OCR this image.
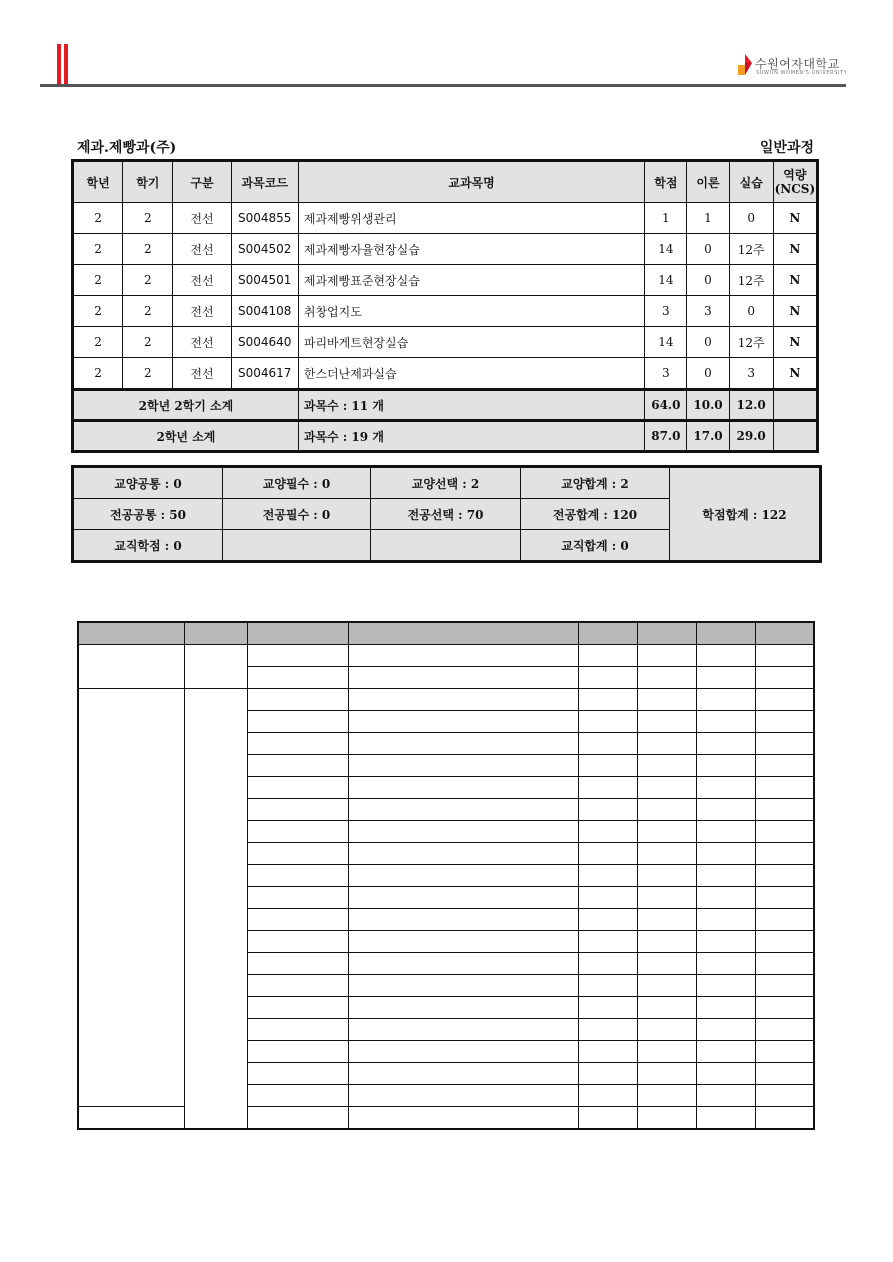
수원여자대학교
SUWON WOMEN'S UNIVERSITY
제과.제빵과(주)	일반과정
학년	학기	구분	과목코드	교과목명	학점	이론	실습	역량
(NCS)
2	2	전선	S004855	제과제빵위생관리	1	1	0	N
2	2	전선	S004502	제과제빵자율현장실습	14	0	12주	N
2	2	전선	S004501	제과제빵표준현장실습	14	0	12주	N
2	2	전선	S004108	취창업지도	3	3	0	N
2	2	전선	S004640	파리바게트현장실습	14	0	12주	N
2	2	전선	S004617	한스더난제과실습	3	0	3	N
2학년 2학기 소계				과목수 : 11 개	64.0	10.0	12.0	
2학년 소계				과목수 : 19 개	87.0	17.0	29.0	
교양공통 : 0	교양필수 : 0	교양선택 : 2	교양합계 : 2	학점합계 : 122
전공공통 : 50	전공필수 : 0	전공선택 : 70	전공합계 : 120	
교직학점 : 0			교직합계 : 0	
